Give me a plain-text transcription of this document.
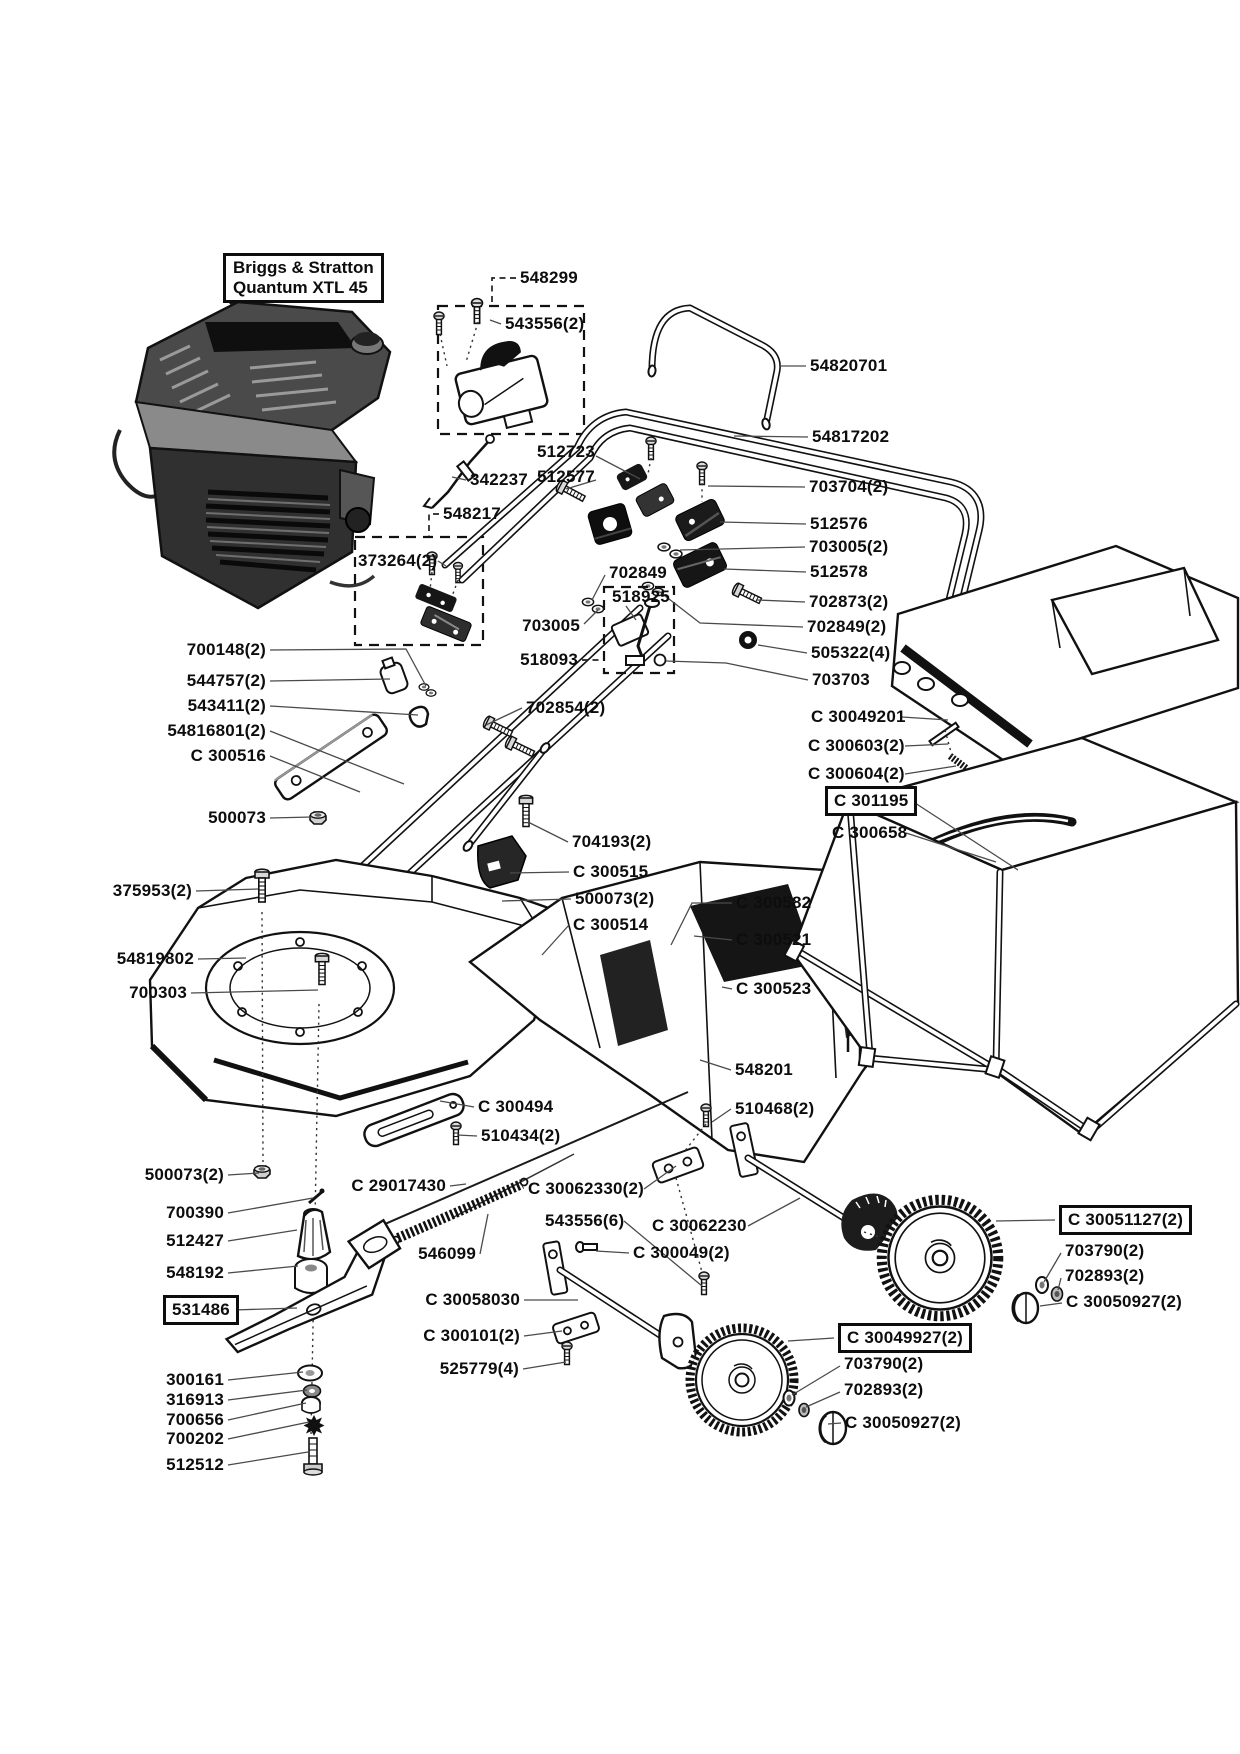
548299
543556(2)
54820701
54817202
703704(2)
512576
703005(2)
512578
702873(2)
702849(2)
505322(4)
703703
C 30049201
C 300603(2)
C 300604(2)
C 301195
C 300658
512723
512577
342237
548217
373264(2)
700148(2)
544757(2)
543411(2)
54816801(2)
C 300516
500073
375953(2)
54819802
700303
702854(2)
702849
518925
703005
518093
704193(2)
C 300515
500073(2)
C 300514
C 300582
C 300521
C 300523
548201
510468(2)
C 300494
510434(2)
C 29017430	C 30062330(2)
543556(6) C 30062230
546099	C 300049(2)
C 30058030
C 300101(2)
525779(4)
C 30051127(2)
703790(2)
702893(2)
C 30050927(2)
C 30049927(2)
703790(2)
702893(2)
C 30050927(2)
500073(2)
700390
512427
548192
531486
300161
316913
700656
700202
512512
Briggs & Stratton
Quantum XTL 45
